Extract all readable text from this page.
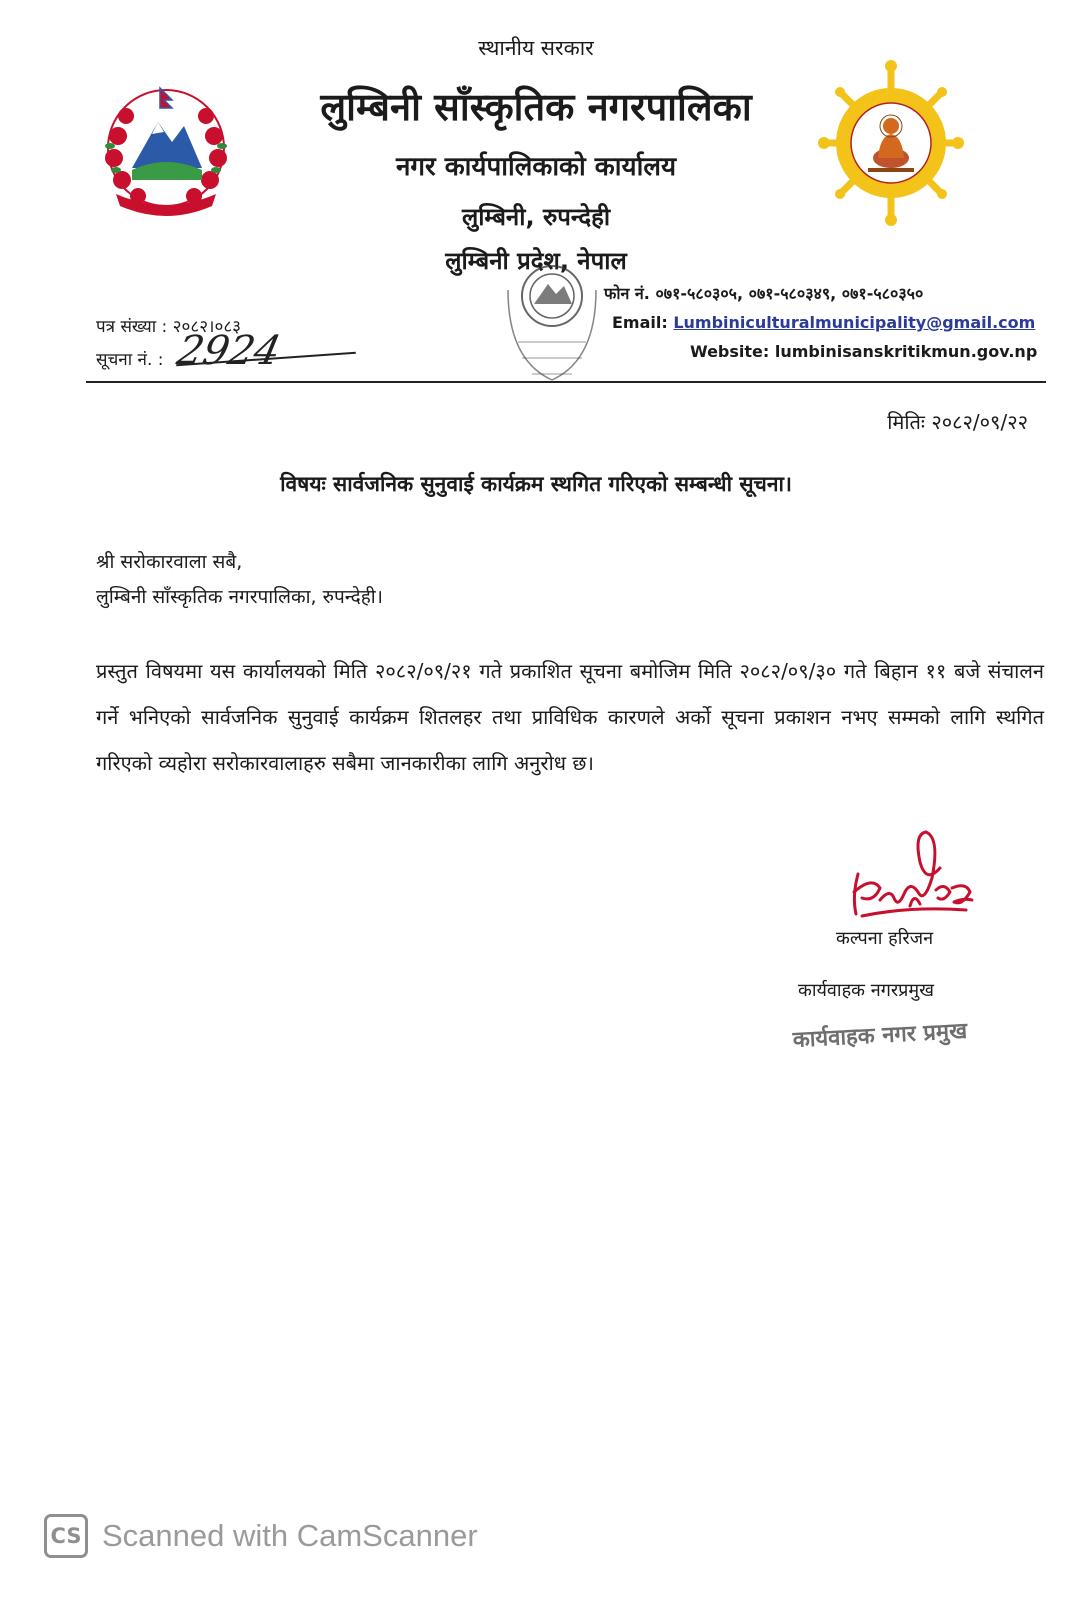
स्थानीय सरकार
लुम्बिनी साँस्कृतिक नगरपालिका
नगर कार्यपालिकाको कार्यालय
लुम्बिनी, रुपन्देही
लुम्बिनी प्रदेश, नेपाल
फोन नं. ०७१-५८०३०५, ०७१-५८०३४९, ०७१-५८०३५०
Email: Lumbiniculturalmunicipality@gmail.com
Website: lumbinisanskritikmun.gov.np
पत्र संख्या : २०८२।०८३
सूचना नं. : 2924
मितिः २०८२/०९/२२
विषयः सार्वजनिक सुनुवाई कार्यक्रम स्थगित गरिएको सम्बन्धी सूचना।
श्री सरोकारवाला सबै,
लुम्बिनी साँस्कृतिक नगरपालिका, रुपन्देही।
प्रस्तुत विषयमा यस कार्यालयको मिति २०८२/०९/२१ गते प्रकाशित सूचना बमोजिम मिति २०८२/०९/३० गते बिहान ११ बजे संचालन गर्ने भनिएको सार्वजनिक सुनुवाई कार्यक्रम शितलहर तथा प्राविधिक कारणले अर्को सूचना प्रकाशन नभए सम्मको लागि स्थगित गरिएको व्यहोरा सरोकारवालाहरु सबैमा जानकारीका लागि अनुरोध छ।
कल्पना हरिजन
कार्यवाहक नगरप्रमुख
कार्यवाहक नगर प्रमुख
CS Scanned with CamScanner
